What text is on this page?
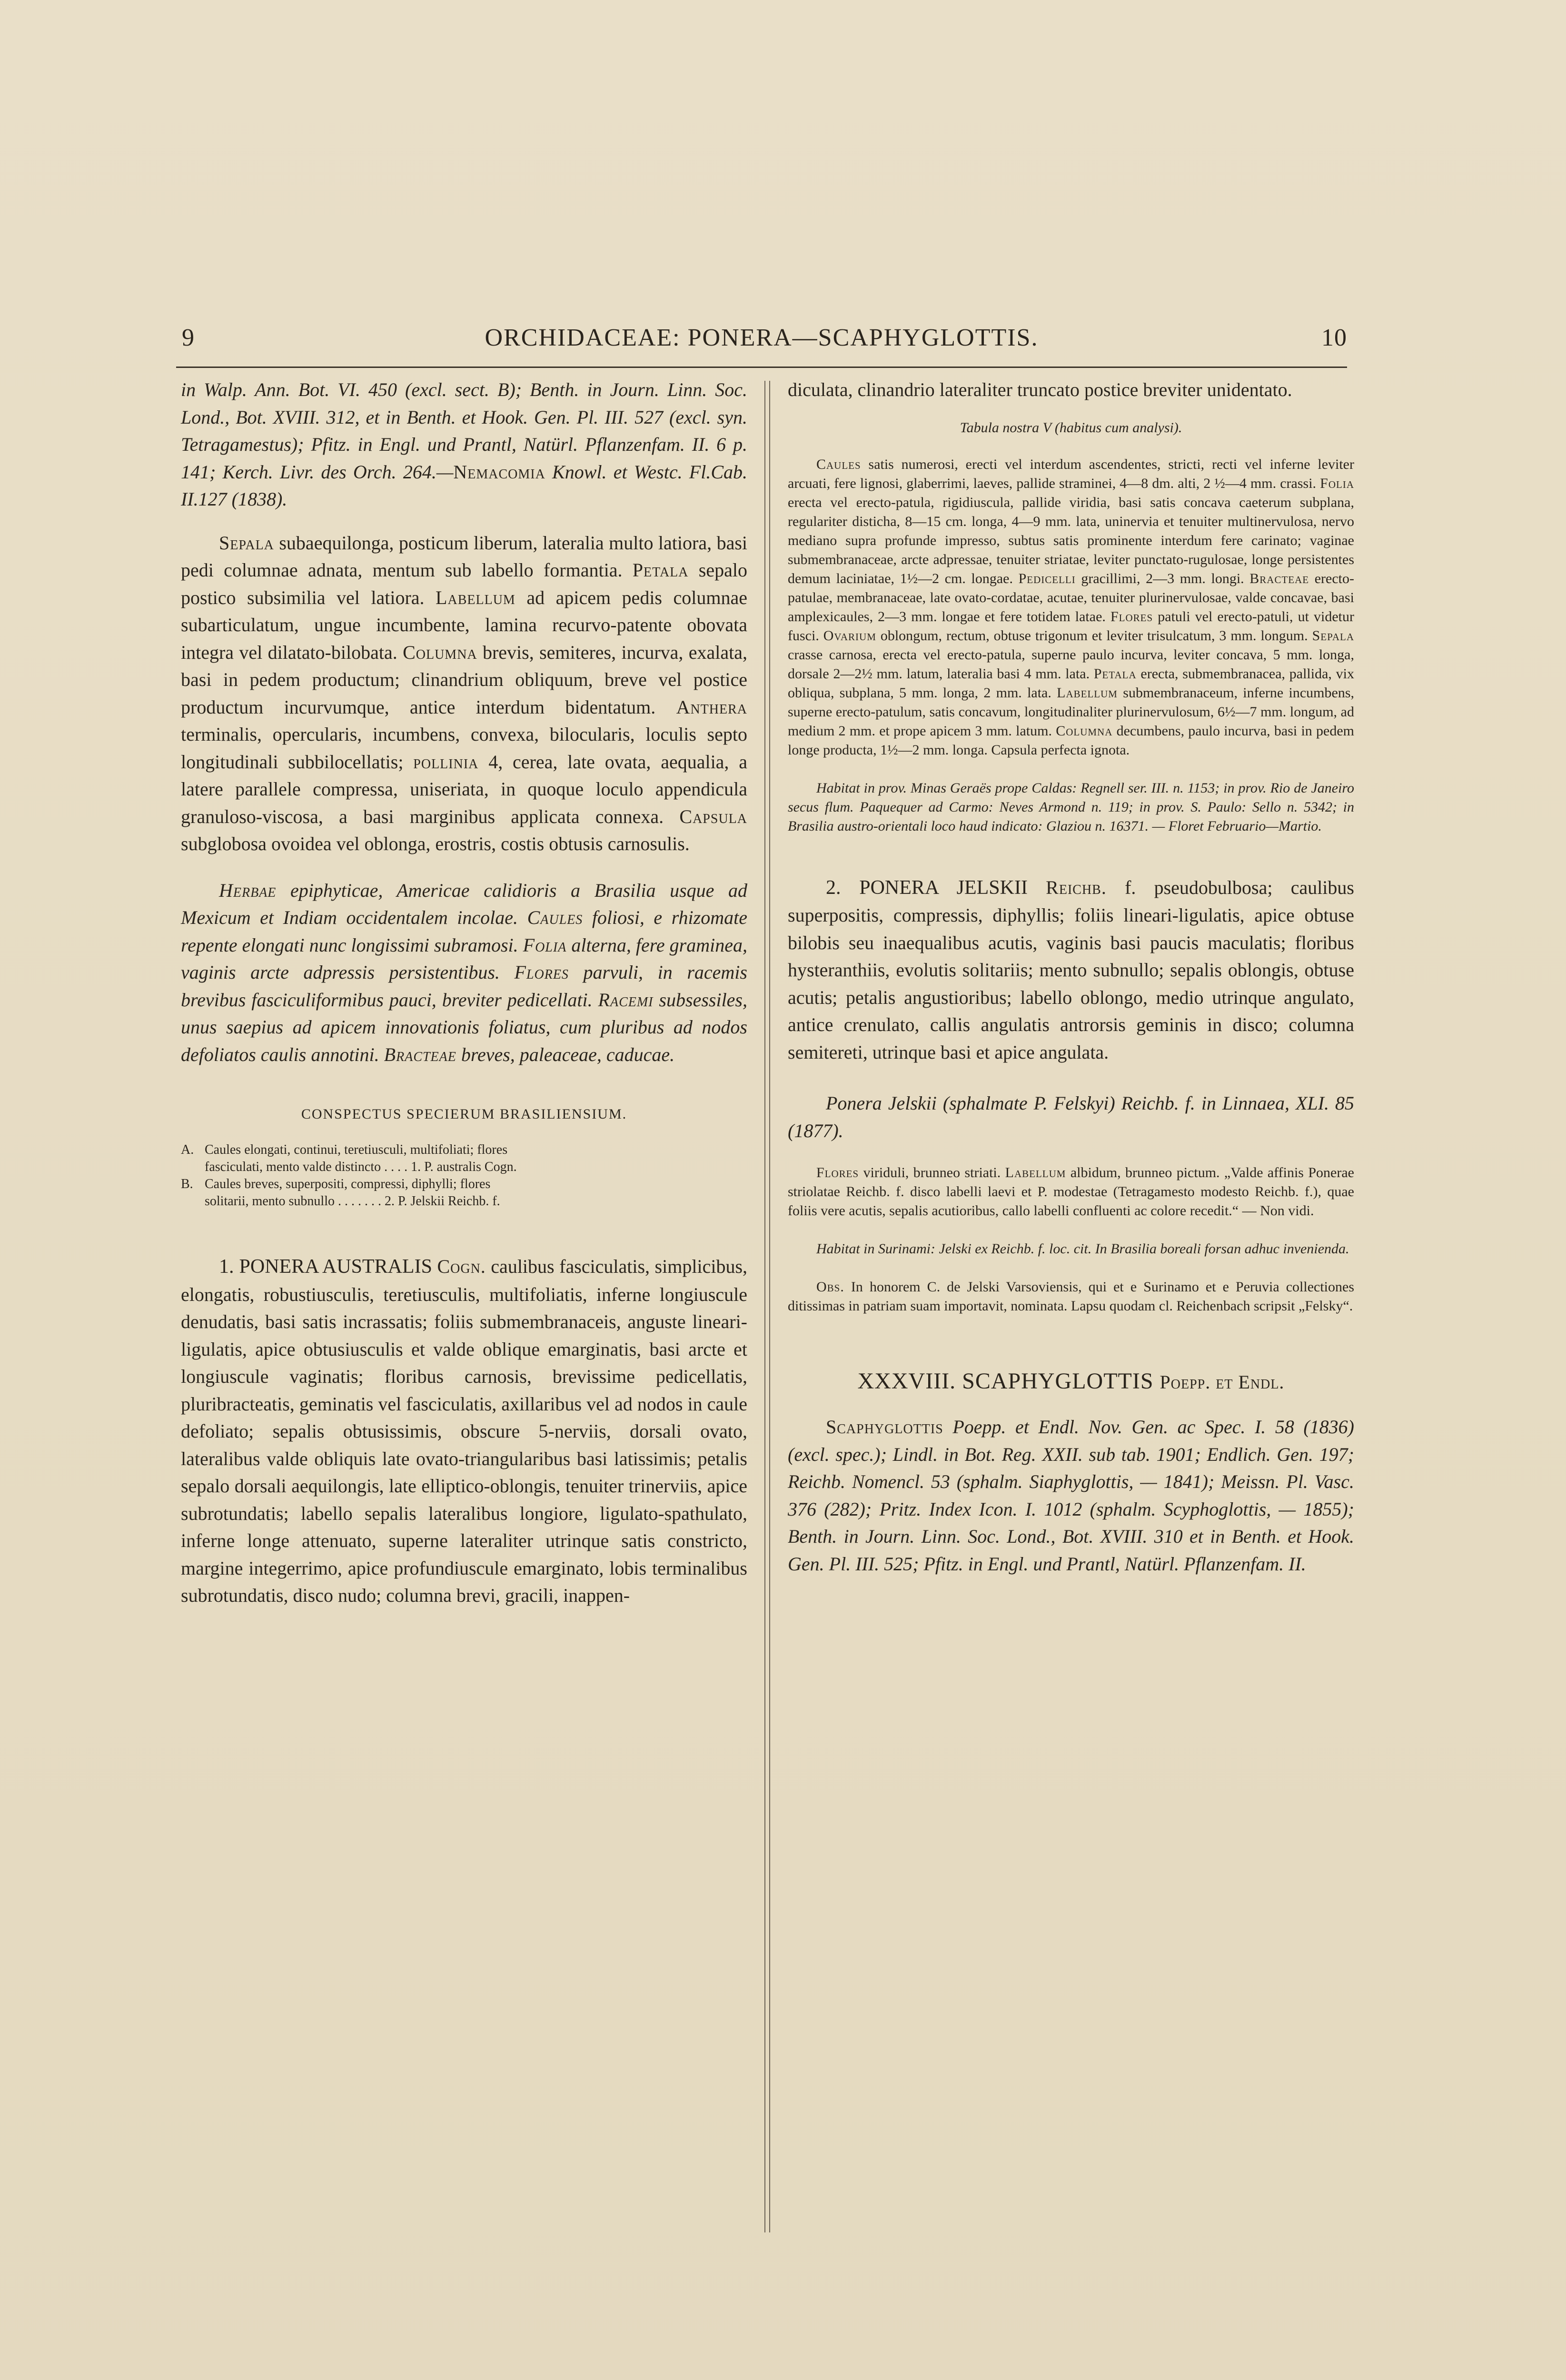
9	ORCHIDACEAE: PONERA—SCAPHYGLOTTIS.	10

in Walp. Ann. Bot. VI. 450 (excl. sect. B); Benth. in Journ. Linn. Soc. Lond., Bot. XVIII. 312, et in Benth. et Hook. Gen. Pl. III. 527 (excl. syn. Tetragamestus); Pfitz. in Engl. und Prantl, Natürl. Pflanzenfam. II. 6 p. 141; Kerch. Livr. des Orch. 264.—Nemacomia Knowl. et Westc. Fl.Cab. II.127 (1838).

Sepala subaequilonga, posticum liberum, lateralia multo latiora, basi pedi columnae adnata, mentum sub labello formantia. Petala sepalo postico subsimilia vel latiora. Labellum ad apicem pedis columnae subarticulatum, ungue incumbente, lamina recurvo-patente obovata integra vel dilatato-bilobata. Columna brevis, semiteres, incurva, exalata, basi in pedem productum; clinandrium obliquum, breve vel postice productum incurvumque, antice interdum bidentatum. Anthera terminalis, opercularis, incumbens, convexa, bilocularis, loculis septo longitudinali subbilocellatis; pollinia 4, cerea, late ovata, aequalia, a latere parallele compressa, uniseriata, in quoque loculo appendicula granuloso-viscosa, a basi marginibus applicata connexa. Capsula subglobosa ovoidea vel oblonga, erostris, costis obtusis carnosulis.

Herbae epiphyticae, Americae calidioris a Brasilia usque ad Mexicum et Indiam occidentalem incolae. Caules foliosi, e rhizomate repente elongati nunc longissimi subramosi. Folia alterna, fere graminea, vaginis arcte adpressis persistentibus. Flores parvuli, in racemis brevibus fasciculiformibus pauci, breviter pedicellati. Racemi subsessiles, unus saepius ad apicem innovationis foliatus, cum pluribus ad nodos defoliatos caulis annotini. Bracteae breves, paleaceae, caducae.

CONSPECTUS SPECIERUM BRASILIENSIUM.

A. Caules elongati, continui, teretiusculi, multifoliati; flores
fasciculati, mento valde distincto . . . . 1. P. australis Cogn.
B. Caules breves, superpositi, compressi, diphylli; flores
solitarii, mento subnullo . . . . . . . 2. P. Jelskii Reichb. f.

1. PONERA AUSTRALIS Cogn. caulibus fasciculatis, simplicibus, elongatis, robustiusculis, teretiusculis, multifoliatis, inferne longiuscule denudatis, basi satis incrassatis; foliis submembranaceis, anguste lineari-ligulatis, apice obtusiusculis et valde oblique emarginatis, basi arcte et longiuscule vaginatis; floribus carnosis, brevissime pedicellatis, pluribracteatis, geminatis vel fasciculatis, axillaribus vel ad nodos in caule defoliato; sepalis obtusissimis, obscure 5-nerviis, dorsali ovato, lateralibus valde obliquis late ovato-triangularibus basi latissimis; petalis sepalo dorsali aequilongis, late elliptico-oblongis, tenuiter trinerviis, apice subrotundatis; labello sepalis lateralibus longiore, ligulato-spathulato, inferne longe attenuato, superne lateraliter utrinque satis constricto, margine integerrimo, apice profundiuscule emarginato, lobis terminalibus subrotundatis, disco nudo; columna brevi, gracili, inappen-

diculata, clinandrio lateraliter truncato postice breviter unidentato.

Tabula nostra V (habitus cum analysi).

Caules satis numerosi, erecti vel interdum ascendentes, stricti, recti vel inferne leviter arcuati, fere lignosi, glaberrimi, laeves, pallide straminei, 4—8 dm. alti, 2 ½—4 mm. crassi. Folia erecta vel erecto-patula, rigidiuscula, pallide viridia, basi satis concava caeterum subplana, regulariter disticha, 8—15 cm. longa, 4—9 mm. lata, uninervia et tenuiter multinervulosa, nervo mediano supra profunde impresso, subtus satis prominente interdum fere carinato; vaginae submembranaceae, arcte adpressae, tenuiter striatae, leviter punctato-rugulosae, longe persistentes demum laciniatae, 1½—2 cm. longae. Pedicelli gracillimi, 2—3 mm. longi. Bracteae erecto-patulae, membranaceae, late ovato-cordatae, acutae, tenuiter plurinervulosae, valde concavae, basi amplexicaules, 2—3 mm. longae et fere totidem latae. Flores patuli vel erecto-patuli, ut videtur fusci. Ovarium oblongum, rectum, obtuse trigonum et leviter trisulcatum, 3 mm. longum. Sepala crasse carnosa, erecta vel erecto-patula, superne paulo incurva, leviter concava, 5 mm. longa, dorsale 2—2½ mm. latum, lateralia basi 4 mm. lata. Petala erecta, submembranacea, pallida, vix obliqua, subplana, 5 mm. longa, 2 mm. lata. Labellum submembranaceum, inferne incumbens, superne erecto-patulum, satis concavum, longitudinaliter plurinervulosum, 6½—7 mm. longum, ad medium 2 mm. et prope apicem 3 mm. latum. Columna decumbens, paulo incurva, basi in pedem longe producta, 1½—2 mm. longa. Capsula perfecta ignota.

Habitat in prov. Minas Geraës prope Caldas: Regnell ser. III. n. 1153; in prov. Rio de Janeiro secus flum. Paquequer ad Carmo: Neves Armond n. 119; in prov. S. Paulo: Sello n. 5342; in Brasilia austro-orientali loco haud indicato: Glaziou n. 16371. — Floret Februario—Martio.

2. PONERA JELSKII Reichb. f. pseudobulbosa; caulibus superpositis, compressis, diphyllis; foliis lineari-ligulatis, apice obtuse bilobis seu inaequalibus acutis, vaginis basi paucis maculatis; floribus hysteranthiis, evolutis solitariis; mento subnullo; sepalis oblongis, obtuse acutis; petalis angustioribus; labello oblongo, medio utrinque angulato, antice crenulato, callis angulatis antrorsis geminis in disco; columna semitereti, utrinque basi et apice angulata.

Ponera Jelskii (sphalmate P. Felskyi) Reichb. f. in Linnaea, XLI. 85 (1877).

Flores viriduli, brunneo striati. Labellum albidum, brunneo pictum. „Valde affinis Ponerae striolatae Reichb. f. disco labelli laevi et P. modestae (Tetragamesto modesto Reichb. f.), quae foliis vere acutis, sepalis acutioribus, callo labelli confluenti ac colore recedit.“ — Non vidi.

Habitat in Surinami: Jelski ex Reichb. f. loc. cit. In Brasilia boreali forsan adhuc invenienda.

Obs. In honorem C. de Jelski Varsoviensis, qui et e Surinamo et e Peruvia collectiones ditissimas in patriam suam importavit, nominata. Lapsu quodam cl. Reichenbach scripsit „Felsky“.

XXXVIII. SCAPHYGLOTTIS Poepp. et Endl.

Scaphyglottis Poepp. et Endl. Nov. Gen. ac Spec. I. 58 (1836) (excl. spec.); Lindl. in Bot. Reg. XXII. sub tab. 1901; Endlich. Gen. 197; Reichb. Nomencl. 53 (sphalm. Siaphyglottis, — 1841); Meissn. Pl. Vasc. 376 (282); Pritz. Index Icon. I. 1012 (sphalm. Scyphoglottis, — 1855); Benth. in Journ. Linn. Soc. Lond., Bot. XVIII. 310 et in Benth. et Hook. Gen. Pl. III. 525; Pfitz. in Engl. und Prantl, Natürl. Pflanzenfam. II.
